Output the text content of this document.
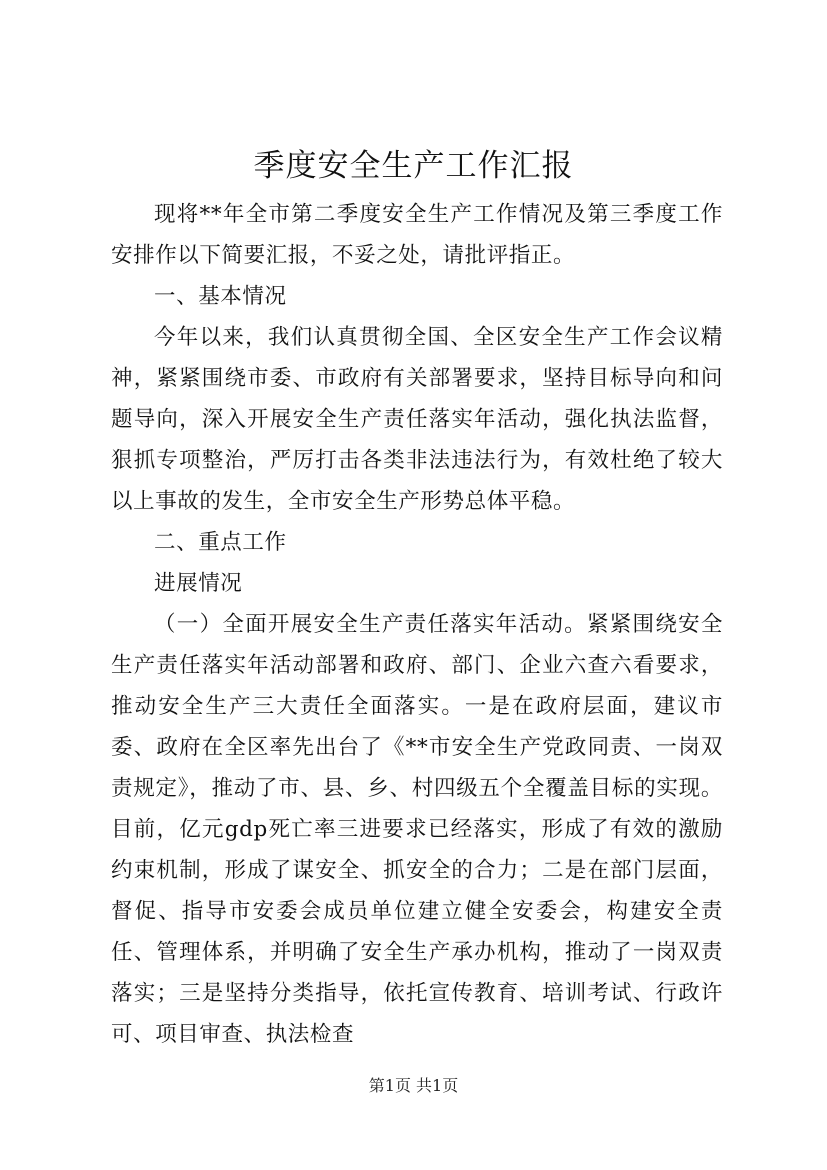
季度安全生产工作汇报

现将**年全市第二季度安全生产工作情况及第三季度工作安排作以下简要汇报，不妥之处，请批评指正。

一、基本情况

今年以来，我们认真贯彻全国、全区安全生产工作会议精神，紧紧围绕市委、市政府有关部署要求，坚持目标导向和问题导向，深入开展安全生产责任落实年活动，强化执法监督，狠抓专项整治，严厉打击各类非法违法行为，有效杜绝了较大以上事故的发生，全市安全生产形势总体平稳。

二、重点工作

进展情况

（一）全面开展安全生产责任落实年活动。紧紧围绕安全生产责任落实年活动部署和政府、部门、企业六查六看要求，推动安全生产三大责任全面落实。一是在政府层面，建议市委、政府在全区率先出台了《**市安全生产党政同责、一岗双责规定》，推动了市、县、乡、村四级五个全覆盖目标的实现。目前，亿元gdp死亡率三进要求已经落实，形成了有效的激励约束机制，形成了谋安全、抓安全的合力；二是在部门层面，督促、指导市安委会成员单位建立健全安委会，构建安全责任、管理体系，并明确了安全生产承办机构，推动了一岗双责落实；三是坚持分类指导，依托宣传教育、培训考试、行政许可、项目审查、执法检查

第1页 共1页
